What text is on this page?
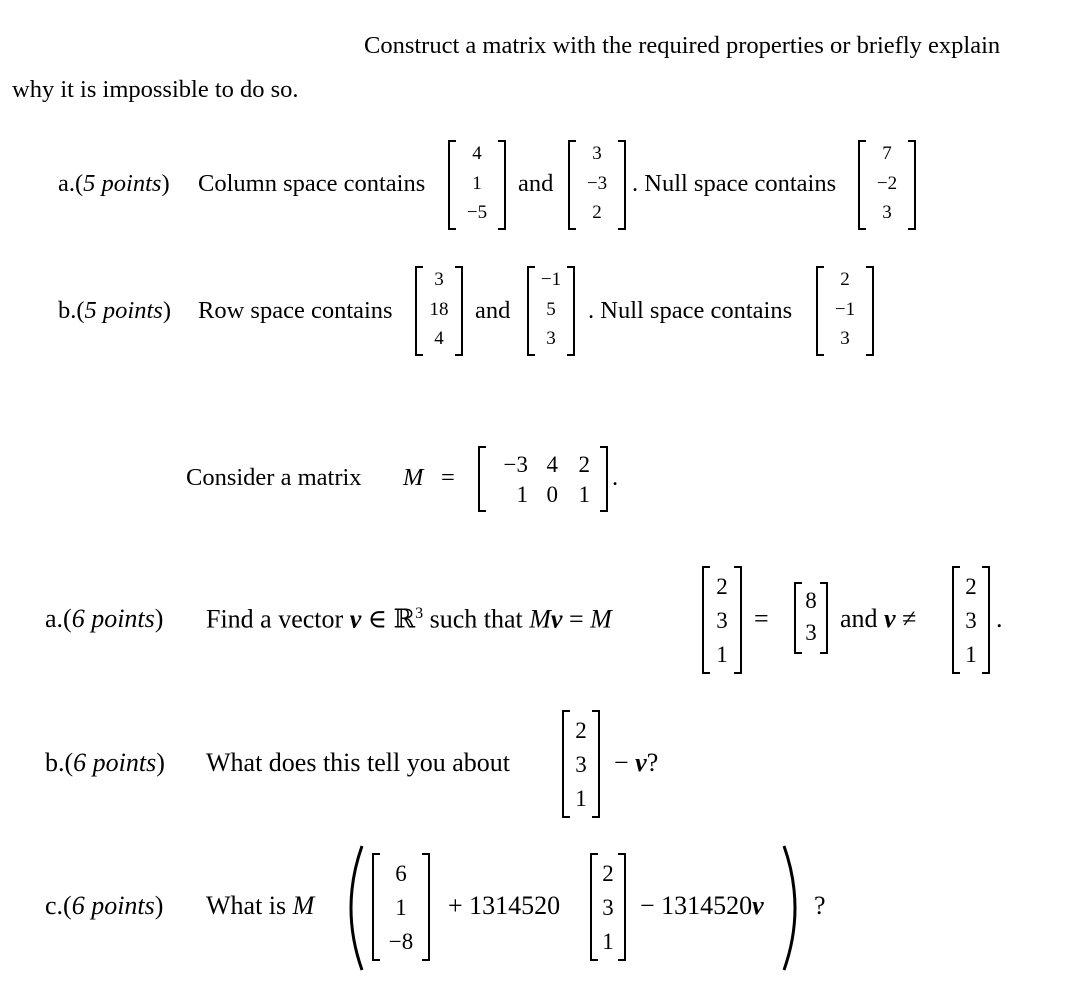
Construct a matrix with the required properties or briefly explain
why it is impossible to do so.
a.(5 points) Column space contains
4
1
−5
and
3
−3
2
. Null space contains
7
−2
3
b.(5 points) Row space contains
3
18
4
and
−1
5
3
. Null space contains
2
−1
3
Consider a matrix M =	−3 4 2
1 0 1
.
a.(6 points) Find a vector v ∈ ℝ$^3$ such that Mv = M
2
3
1
=
8
3 and v ≠
2
3
1
.
b.(6 points) What does this tell you about
2
3
1
− v?
c.(6 points) What is M
6
1
−8
+ 1314520
2
3
1
− 1314520v ?
